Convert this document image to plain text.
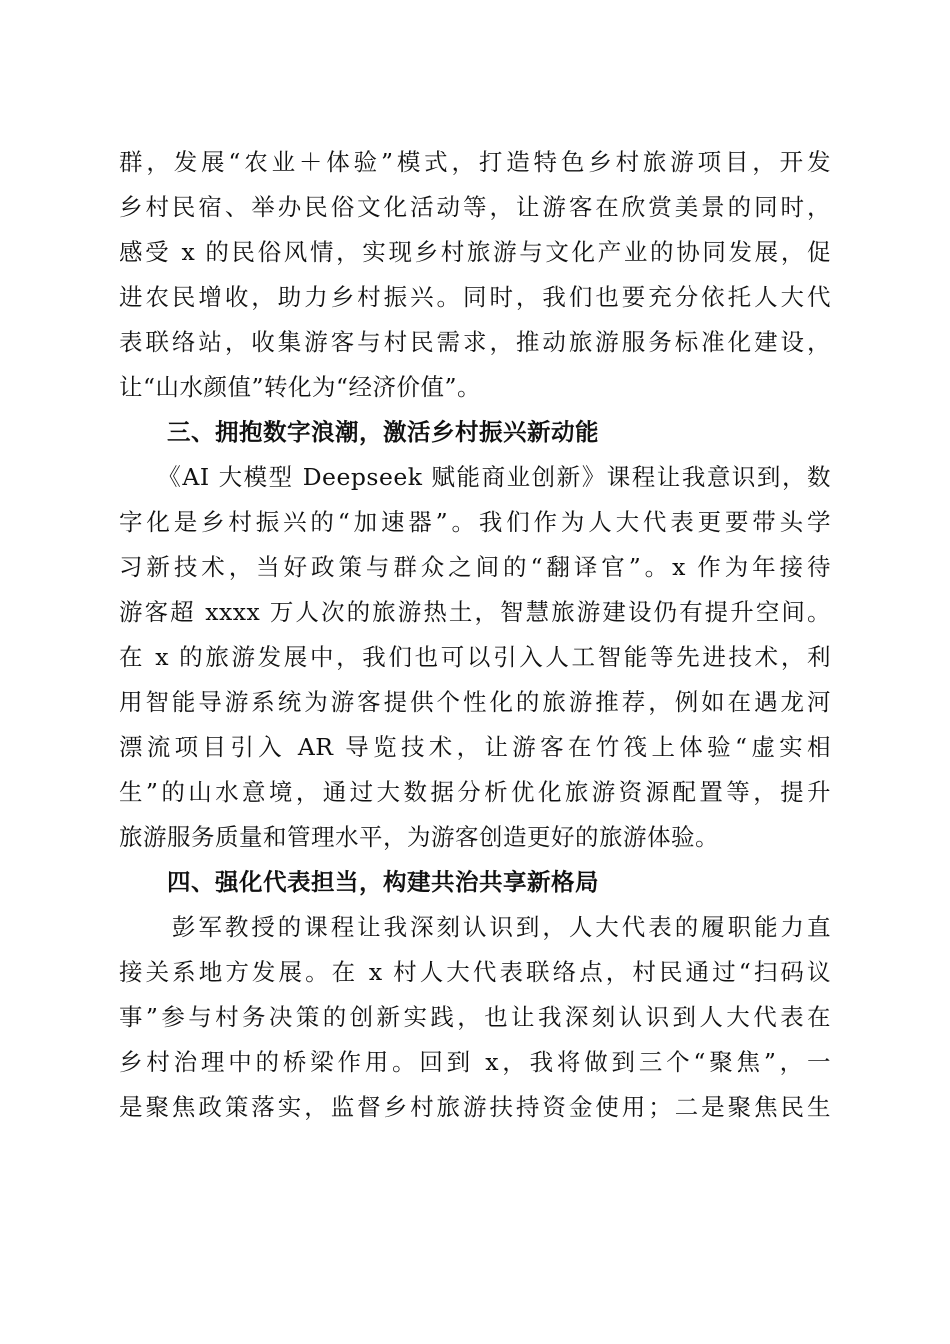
群，发展“农业＋体验”模式，打造特色乡村旅游项目，开发
乡村民宿、举办民俗文化活动等，让游客在欣赏美景的同时，
感受 x 的民俗风情，实现乡村旅游与文化产业的协同发展，促
进农民增收，助力乡村振兴。同时，我们也要充分依托人大代
表联络站，收集游客与村民需求，推动旅游服务标准化建设，
让“山水颜值”转化为“经济价值”。
三、拥抱数字浪潮，激活乡村振兴新动能
　　《AI 大模型 Deepseek 赋能商业创新》课程让我意识到，数
字化是乡村振兴的“加速器”。我们作为人大代表更要带头学
习新技术，当好政策与群众之间的“翻译官”。x 作为年接待
游客超 xxxx 万人次的旅游热土，智慧旅游建设仍有提升空间。
在 x 的旅游发展中，我们也可以引入人工智能等先进技术，利
用智能导游系统为游客提供个性化的旅游推荐，例如在遇龙河
漂流项目引入 AR 导览技术，让游客在竹筏上体验“虚实相
生”的山水意境，通过大数据分析优化旅游资源配置等，提升
旅游服务质量和管理水平，为游客创造更好的旅游体验。
四、强化代表担当，构建共治共享新格局
　　彭军教授的课程让我深刻认识到，人大代表的履职能力直
接关系地方发展。在 x 村人大代表联络点，村民通过“扫码议
事”参与村务决策的创新实践，也让我深刻认识到人大代表在
乡村治理中的桥梁作用。回到 x，我将做到三个“聚焦”，一
是聚焦政策落实，监督乡村旅游扶持资金使用；二是聚焦民生
